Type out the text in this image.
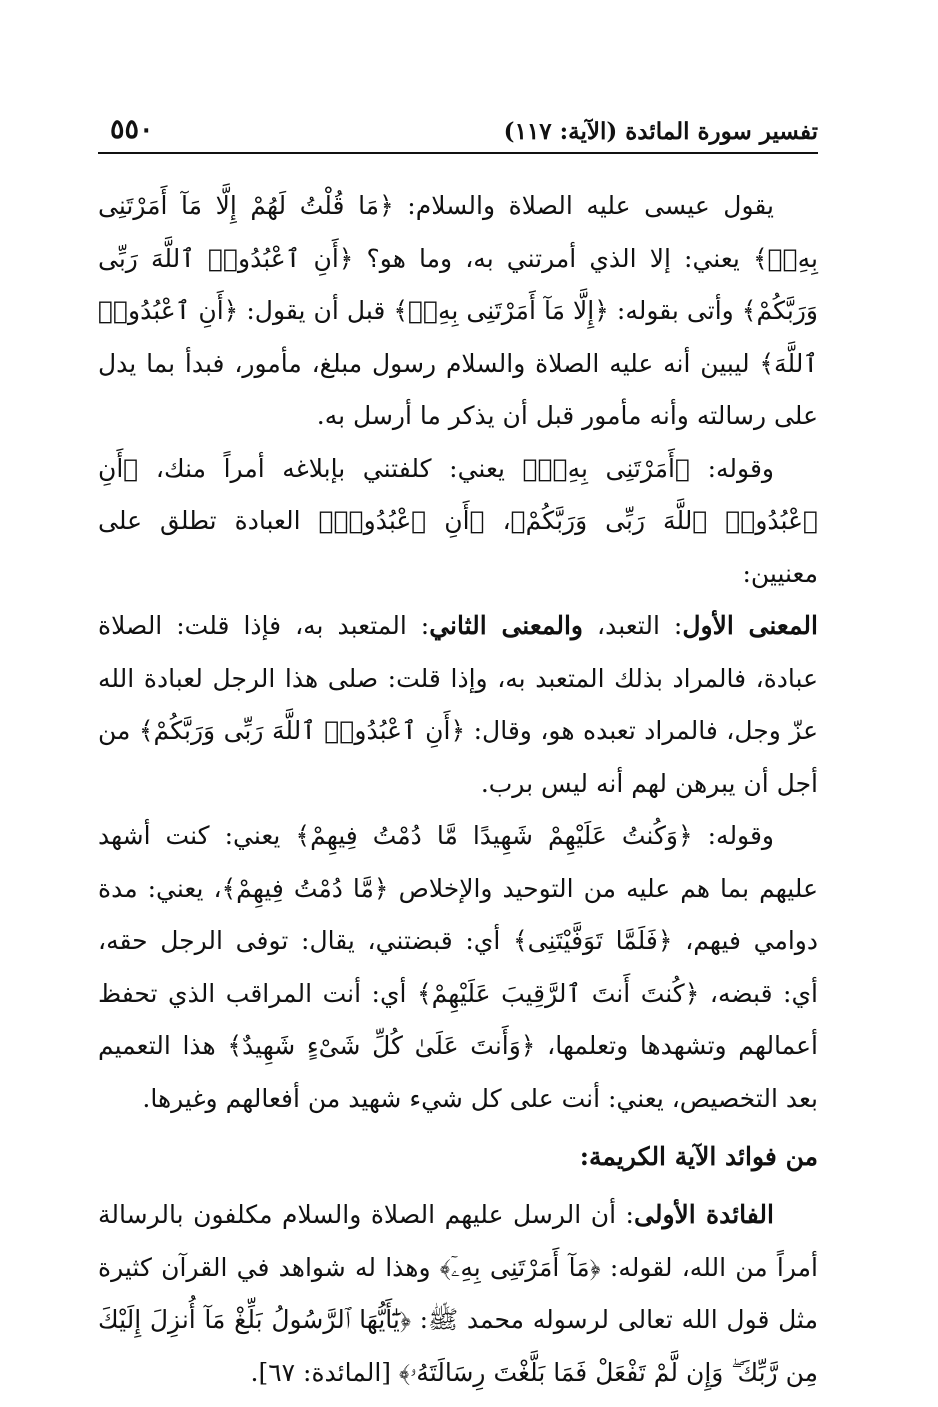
تفسير سورة المائدة (الآية: ١١٧)
٥٥٠

يقول عيسى عليه الصلاة والسلام: ﴿مَا قُلْتُ لَهُمْ إِلَّا مَآ أَمَرْتَنِى بِهِۦٓ﴾ يعني: إلا الذي أمرتني به، وما هو؟ ﴿أَنِ ٱعْبُدُوا۟ ٱللَّهَ رَبِّى وَرَبَّكُمْ﴾ وأتى بقوله: ﴿إِلَّا مَآ أَمَرْتَنِى بِهِۦٓ﴾ قبل أن يقول: ﴿أَنِ ٱعْبُدُوا۟ ٱللَّهَ﴾ ليبين أنه عليه الصلاة والسلام رسول مبلغ، مأمور، فبدأ بما يدل على رسالته وأنه مأمور قبل أن يذكر ما أرسل به.

وقوله: ﴿أَمَرْتَنِى بِهِۦٓ﴾ يعني: كلفتني بإبلاغه أمراً منك، ﴿أَنِ ٱعْبُدُوا۟ ٱللَّهَ رَبِّى وَرَبَّكُمْ﴾، ﴿أَنِ ٱعْبُدُوا۟﴾ العبادة تطلق على معنيين:
المعنى الأول: التعبد، والمعنى الثاني: المتعبد به، فإذا قلت: الصلاة عبادة، فالمراد بذلك المتعبد به، وإذا قلت: صلى هذا الرجل لعبادة الله عزّ وجل، فالمراد تعبده هو، وقال: ﴿أَنِ ٱعْبُدُوا۟ ٱللَّهَ رَبِّى وَرَبَّكُمْ﴾ من أجل أن يبرهن لهم أنه ليس برب.

وقوله: ﴿وَكُنتُ عَلَيْهِمْ شَهِيدًا مَّا دُمْتُ فِيهِمْ﴾ يعني: كنت أشهد عليهم بما هم عليه من التوحيد والإخلاص ﴿مَّا دُمْتُ فِيهِمْ﴾، يعني: مدة دوامي فيهم، ﴿فَلَمَّا تَوَفَّيْتَنِى﴾ أي: قبضتني، يقال: توفى الرجل حقه، أي: قبضه، ﴿كُنتَ أَنتَ ٱلرَّقِيبَ عَلَيْهِمْ﴾ أي: أنت المراقب الذي تحفظ أعمالهم وتشهدها وتعلمها، ﴿وَأَنتَ عَلَىٰ كُلِّ شَىْءٍ شَهِيدٌ﴾ هذا التعميم بعد التخصيص، يعني: أنت على كل شيء شهيد من أفعالهم وغيرها.

من فوائد الآية الكريمة:

الفائدة الأولى: أن الرسل عليهم الصلاة والسلام مكلفون بالرسالة أمراً من الله، لقوله: ﴿مَآ أَمَرْتَنِى بِهِۦٓ﴾ وهذا له شواهد في القرآن كثيرة مثل قول الله تعالى لرسوله محمد ﷺ: ﴿يَٰٓأَيُّهَا ٱلرَّسُولُ بَلِّغْ مَآ أُنزِلَ إِلَيْكَ مِن رَّبِّكَ ۖ وَإِن لَّمْ تَفْعَلْ فَمَا بَلَّغْتَ رِسَالَتَهُۥ﴾ [المائدة: ٦٧].
